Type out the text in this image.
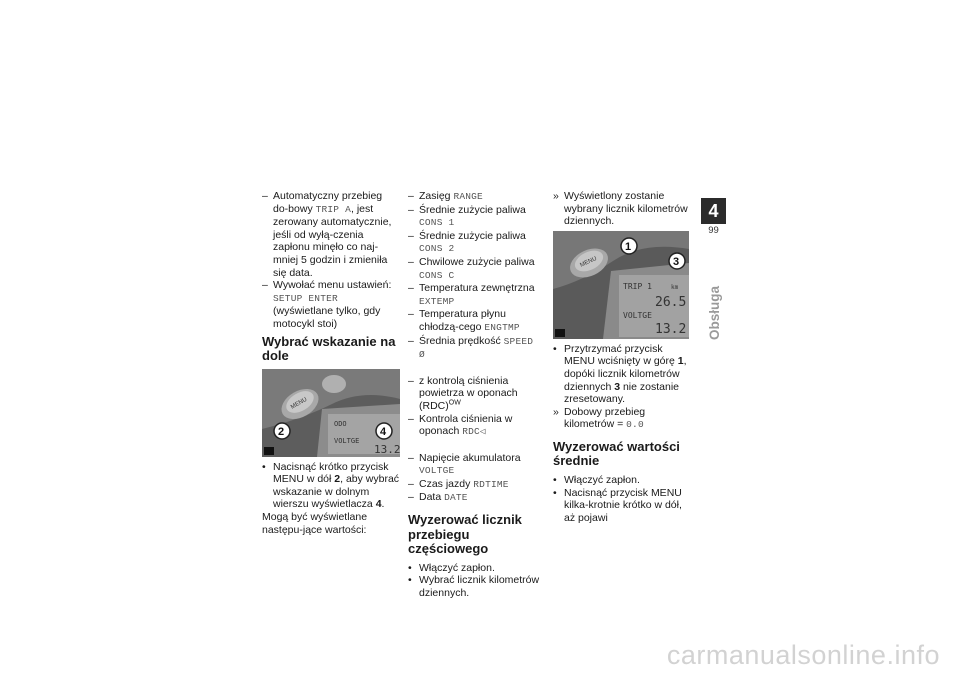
– Automatyczny przebieg do-bowy TRIP A, jest zerowany automatycznie, jeśli od wyłą-czenia zapłonu minęło co naj-mniej 5 godzin i zmieniła się data.

– Wywołać menu ustawień: SETUP ENTER (wyświetlane tylko, gdy motocykl stoi)

Wybrać wskazanie na dole

MENU
ODO
VOLTGE
13.2
2	4

• Nacisnąć krótko przycisk MENU w dół 2, aby wybrać wskazanie w dolnym wierszu wyświetlacza 4.

Mogą być wyświetlane następu-jące wartości:

– Zasięg RANGE

– Średnie zużycie paliwa CONS 1

– Średnie zużycie paliwa CONS 2

– Chwilowe zużycie paliwa CONS C

– Temperatura zewnętrzna EXTEMP

– Temperatura płynu chłodzą-cego ENGTMP

– Średnia prędkość SPEED Ø

– z kontrolą ciśnienia powietrza w oponach (RDC)$^{OW}$

– Kontrola ciśnienia w oponach RDC◁

– Napięcie akumulatora VOLTGE

– Czas jazdy RDTIME

– Data DATE

Wyzerować licznik przebiegu częściowego

• Włączyć zapłon.

• Wybrać licznik kilometrów dziennych.

» Wyświetlony zostanie wybrany licznik kilometrów dziennych.

MENU
TRIP 1	km
26.5
VOLTGE
13.2
1
3

• Przytrzymać przycisk MENU wciśnięty w górę 1, dopóki licznik kilometrów dziennych 3 nie zostanie zresetowany.

» Dobowy przebieg kilometrów = 0.0

Wyzerować wartości średnie

• Włączyć zapłon.

• Nacisnąć przycisk MENU kilka-krotnie krótko w dół, aż pojawi

4
99
Obsługa
carmanualsonline.info
